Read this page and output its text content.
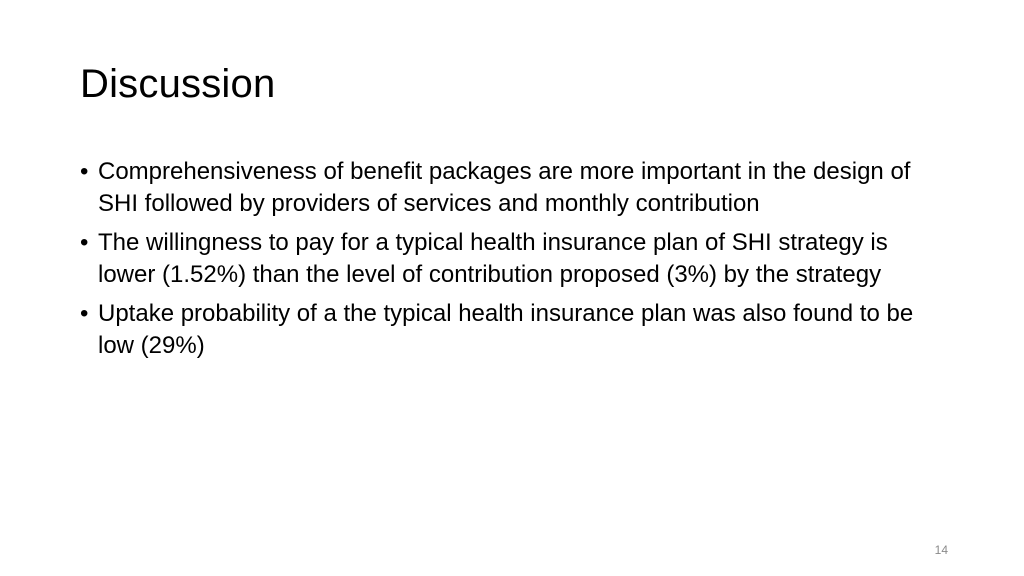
Discussion
• Comprehensiveness of benefit packages are more important in the design of SHI followed by providers of services and monthly contribution
• The willingness to pay for a typical health insurance plan of SHI strategy is lower (1.52%) than the level of contribution proposed (3%) by the strategy
• Uptake probability of a the typical health insurance plan was also found to be low (29%)
14
